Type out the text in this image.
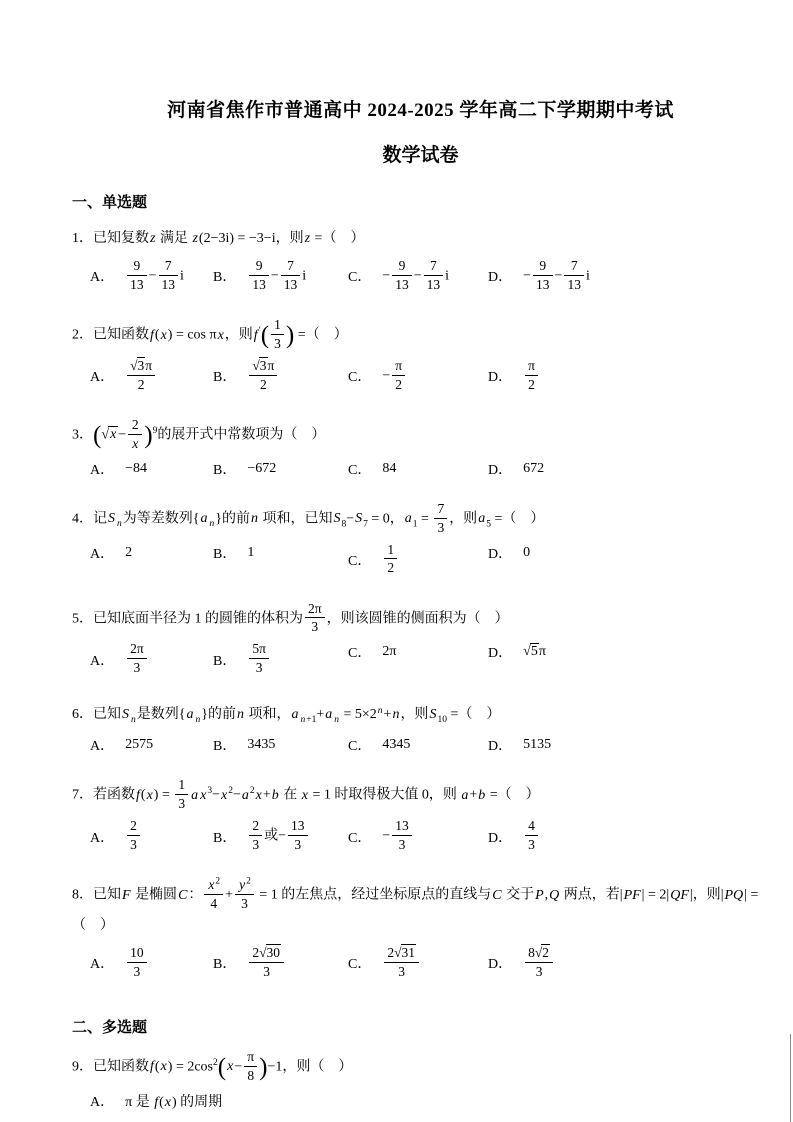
河南省焦作市普通高中 2024-2025 学年高二下学期期中考试
数学试卷
一、单选题
1．已知复数z 满足 z(2−3i) = −3−i，则z =（　）
A． $\frac{9}{13} - \frac{7}{13}$ i B． $\frac{9}{13} - \frac{7}{13}$ i	C． − $\frac{9}{13} - \frac{7}{13}$ i	D． − $\frac{9}{13} - \frac{7}{13}$ i
2．已知函数f(x) = cos πx，则$f'( \frac{1}{3}$ ) =（　）
A． $\frac{√3\pi}{2}$	B． $\frac{√3\pi}{2}$	C． − $\frac{\pi}{2}$	D． $\frac{\pi}{2}$
3．(√ $x - \frac{2}{x} )^9$的展开式中常数项为（　）
A． −84	B． −672	C． 84	D． 672
4．记S $_n$为等差数列{a $_n$}的前n 项和，已知$S_8-S_7 = 0$，$a_1 = \frac{7}{3}$ ，则$a_5$ =（　）
A． 2	B． 1
C． $\frac{1}{2}$	D． 0
5．已知底面半径为 1 的圆锥的体积为 $\frac{2\pi}{3}$ ，则该圆锥的侧面积为（　）
A． $\frac{2\pi}{3}$	B． $\frac{5\pi}{3}$	C． 2π	D． √5π
6．已知S $_n$是数列{a $_n$}的前n 项和，a $_{n+1}$+a $_n = 5\times 2^n+n$，则$S_{10}$ =（　）
A． 2575	B． 3435	C． 4345	D． 5135
7．若函数$f(x) = \frac{1}{3}$ a $x^3-x^2-a^2x+b$ 在 x = 1 时取得极大值 0，则 a+b =（　）
A． $\frac{2}{3}$	B． $\frac{2}{3}$ 或− $\frac{13}{3}$	C． − $\frac{13}{3}$	D． $\frac{4}{3}$
8．已知F 是椭圆C： $\frac{x^2}{4} + \frac{y^2}{3} = 1$ 的左焦点，经过坐标原点的直线与C 交于P,Q 两点，若|PF| = 2|QF|，则|PQ| =
（　）
A． $\frac{10}{3}$	B． $\frac{2√30}{3}$	C． $\frac{2√31}{3}$	D． $\frac{8√2}{3}$
二、多选题
9．已知函数$f(x) = 2\cos^2(x- \frac{\pi}{8} )-1$，则（　）
A． π 是 f(x) 的周期
